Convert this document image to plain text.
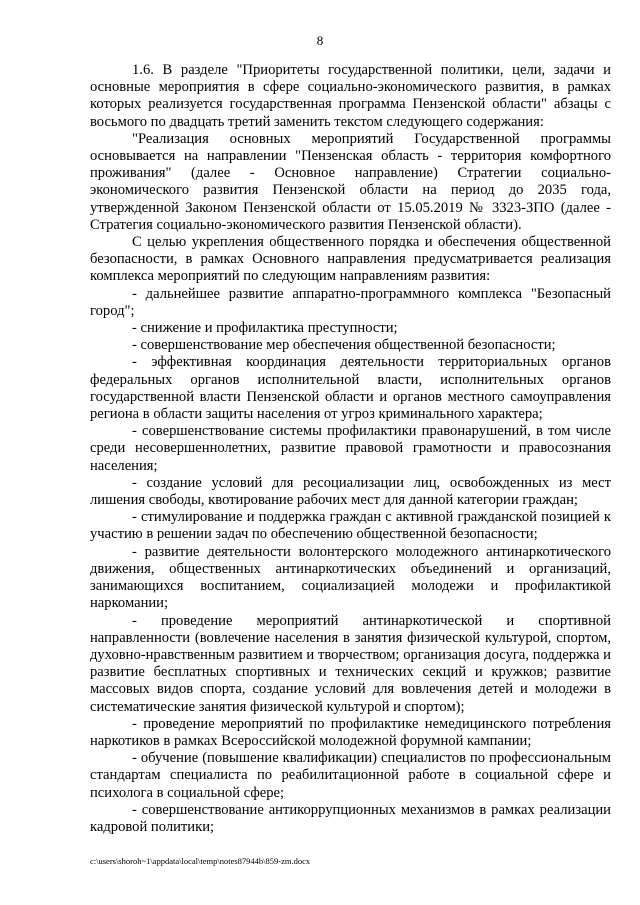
8

1.6. В разделе "Приоритеты государственной политики, цели, задачи и основные мероприятия в сфере социально-экономического развития, в рамках которых реализуется государственная программа Пензенской области" абзацы с восьмого по двадцать третий заменить текстом следующего содержания:

"Реализация основных мероприятий Государственной программы основывается на направлении "Пензенская область - территория комфортного проживания" (далее - Основное направление) Стратегии социально-экономического развития Пензенской области на период до 2035 года, утвержденной Законом Пензенской области от 15.05.2019 № 3323-ЗПО (далее - Стратегия социально-экономического развития Пензенской области).

С целью укрепления общественного порядка и обеспечения общественной безопасности, в рамках Основного направления предусматривается реализация комплекса мероприятий по следующим направлениям развития:

- дальнейшее развитие аппаратно-программного комплекса "Безопасный город";

- снижение и профилактика преступности;

- совершенствование мер обеспечения общественной безопасности;

- эффективная координация деятельности территориальных органов федеральных органов исполнительной власти, исполнительных органов государственной власти Пензенской области и органов местного самоуправления региона в области защиты населения от угроз криминального характера;

- совершенствование системы профилактики правонарушений, в том числе среди несовершеннолетних, развитие правовой грамотности и правосознания населения;

- создание условий для ресоциализации лиц, освобожденных из мест лишения свободы, квотирование рабочих мест для данной категории граждан;

- стимулирование и поддержка граждан с активной гражданской позицией к участию в решении задач по обеспечению общественной безопасности;

- развитие деятельности волонтерского молодежного антинаркотического движения, общественных антинаркотических объединений и организаций, занимающихся воспитанием, социализацией молодежи и профилактикой наркомании;

- проведение мероприятий антинаркотической и спортивной направленности (вовлечение населения в занятия физической культурой, спортом, духовно-нравственным развитием и творчеством; организация досуга, поддержка и развитие бесплатных спортивных и технических секций и кружков; развитие массовых видов спорта, создание условий для вовлечения детей и молодежи в систематические занятия физической культурой и спортом);

- проведение мероприятий по профилактике немедицинского потребления наркотиков в рамках Всероссийской молодежной форумной кампании;

- обучение (повышение квалификации) специалистов по профессиональным стандартам специалиста по реабилитационной работе в социальной сфере и психолога в социальной сфере;

- совершенствование антикоррупционных механизмов в рамках реализации кадровой политики;

c:\users\shoroh~1\appdata\local\temp\notes87944b\859-zm.docx
